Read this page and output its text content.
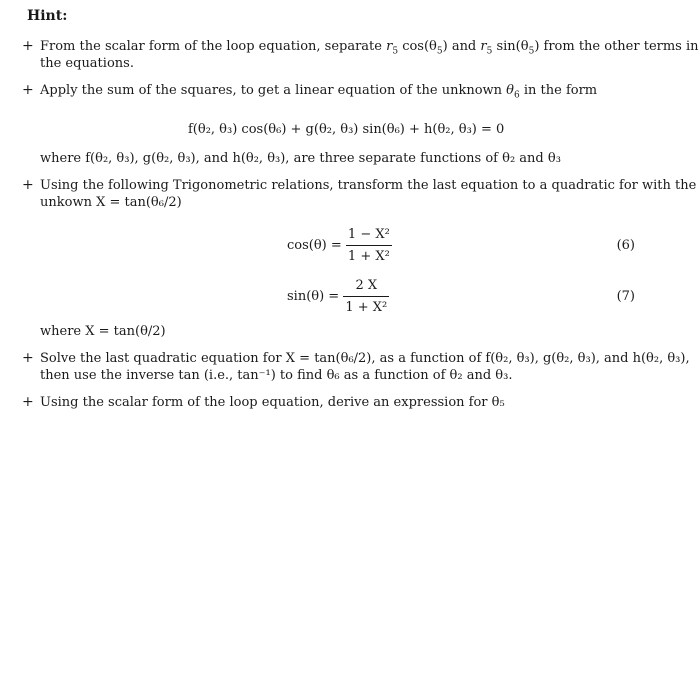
Hint:
+ From the scalar form of the loop equation, separate $r_5$ $\cos(\theta_5)$ and $r_5$ $\sin(\theta_5)$ from the other terms in
the equations.
+ Apply the sum of the squares, to get a linear equation of the unknown $\theta_6$ in the form
f(θ₂, θ₃) cos(θ₆) + g(θ₂, θ₃) sin(θ₆) + h(θ₂, θ₃) = 0
where f(θ₂, θ₃), g(θ₂, θ₃), and h(θ₂, θ₃), are three separate functions of θ₂ and θ₃
+ Using the following Trigonometric relations, transform the last equation to a quadratic for with the
unkown X = tan(θ₆/2)
$\cos(\theta) = \frac{\text{1 − X²}}{\text{1 + X²}}$	(6)
$\sin(\theta) = \frac{2 X}{\text{1 + X²}}$	(7)
where X = tan(θ/2)
+ Solve the last quadratic equation for X = tan(θ₆/2), as a function of f(θ₂, θ₃), g(θ₂, θ₃), and h(θ₂, θ₃),
then use the inverse tan (i.e., tan⁻¹) to find θ₆ as a function of θ₂ and θ₃.
+ Using the scalar form of the loop equation, derive an expression for θ₅
